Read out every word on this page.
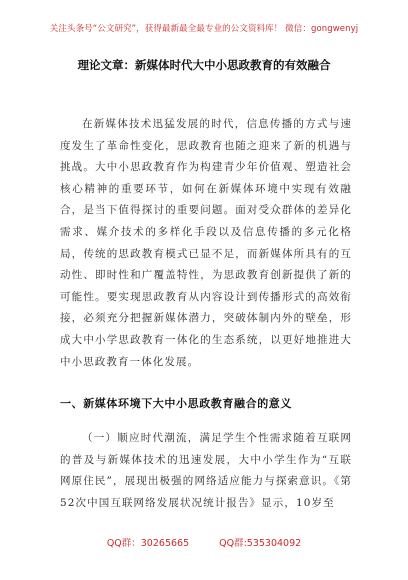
关注头条号“公文研究”，获得最新最全最专业的公文资料库！ 微信：gongwenyj
理论文章：新媒体时代大中小思政教育的有效融合

在新媒体技术迅猛发展的时代，信息传播的方式与速度发生了革命性变化，思政教育也随之迎来了新的机遇与挑战。大中小思政教育作为构建青少年价值观、塑造社会核心精神的重要环节，如何在新媒体环境中实现有效融合，是当下值得探讨的重要问题。面对受众群体的差异化需求、媒介技术的多样化手段以及信息传播的多元化格局，传统的思政教育模式已显不足，而新媒体所具有的互动性、即时性和广覆盖特性，为思政教育创新提供了新的可能性。要实现思政教育从内容设计到传播形式的高效衔接，必须充分把握新媒体潜力，突破体制内外的壁垒，形成大中小学思政教育一体化的生态系统，以更好地推进大中小思政教育一体化发展。

一、新媒体环境下大中小思政教育融合的意义

（一）顺应时代潮流，满足学生个性需求随着互联网的普及与新媒体技术的迅速发展，大中小学生作为“互联网原住民”，展现出极强的网络适应能力与探索意识。《第52次中国互联网络发展状况统计报告》显示，10岁至

QQ群：30265665	QQ群:535304092
